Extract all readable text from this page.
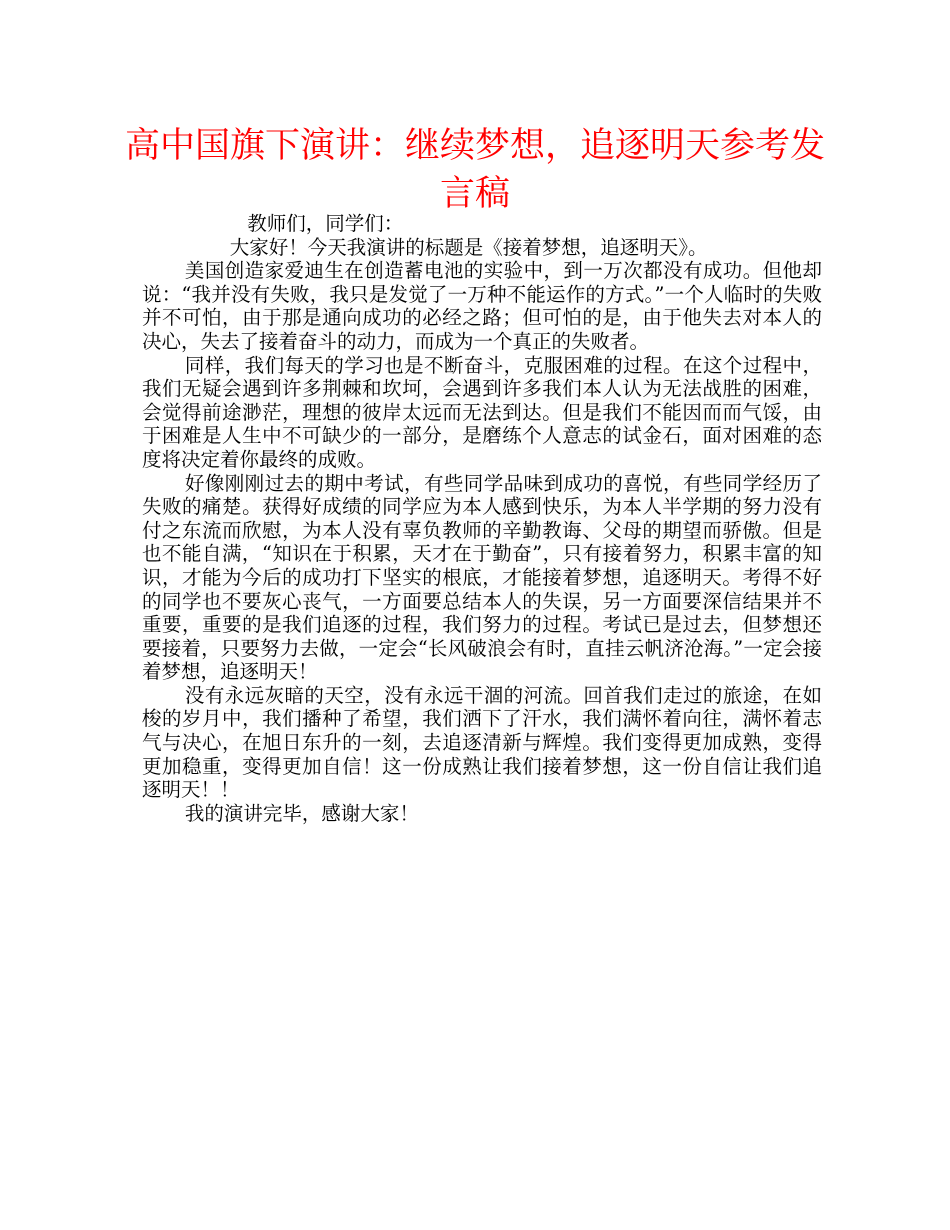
高中国旗下演讲：继续梦想，追逐明天参考发言稿

教师们，同学们：

大家好！今天我演讲的标题是《接着梦想，追逐明天》。

美国创造家爱迪生在创造蓄电池的实验中，到一万次都没有成功。但他却说：“我并没有失败，我只是发觉了一万种不能运作的方式。”一个人临时的失败并不可怕，由于那是通向成功的必经之路；但可怕的是，由于他失去对本人的决心，失去了接着奋斗的动力，而成为一个真正的失败者。

同样，我们每天的学习也是不断奋斗，克服困难的过程。在这个过程中，我们无疑会遇到许多荆棘和坎坷，会遇到许多我们本人认为无法战胜的困难，会觉得前途渺茫，理想的彼岸太远而无法到达。但是我们不能因而而气馁，由于困难是人生中不可缺少的一部分，是磨练个人意志的试金石，面对困难的态度将决定着你最终的成败。

好像刚刚过去的期中考试，有些同学品味到成功的喜悦，有些同学经历了失败的痛楚。获得好成绩的同学应为本人感到快乐，为本人半学期的努力没有付之东流而欣慰，为本人没有辜负教师的辛勤教诲、父母的期望而骄傲。但是也不能自满，“知识在于积累，天才在于勤奋”，只有接着努力，积累丰富的知识，才能为今后的成功打下坚实的根底，才能接着梦想，追逐明天。考得不好的同学也不要灰心丧气，一方面要总结本人的失误，另一方面要深信结果并不重要，重要的是我们追逐的过程，我们努力的过程。考试已是过去，但梦想还要接着，只要努力去做，一定会“长风破浪会有时，直挂云帆济沧海。”一定会接着梦想，追逐明天！

没有永远灰暗的天空，没有永远干涸的河流。回首我们走过的旅途，在如梭的岁月中，我们播种了希望，我们洒下了汗水，我们满怀着向往，满怀着志气与决心，在旭日东升的一刻，去追逐清新与辉煌。我们变得更加成熟，变得更加稳重，变得更加自信！这一份成熟让我们接着梦想，这一份自信让我们追逐明天！！

我的演讲完毕，感谢大家！
